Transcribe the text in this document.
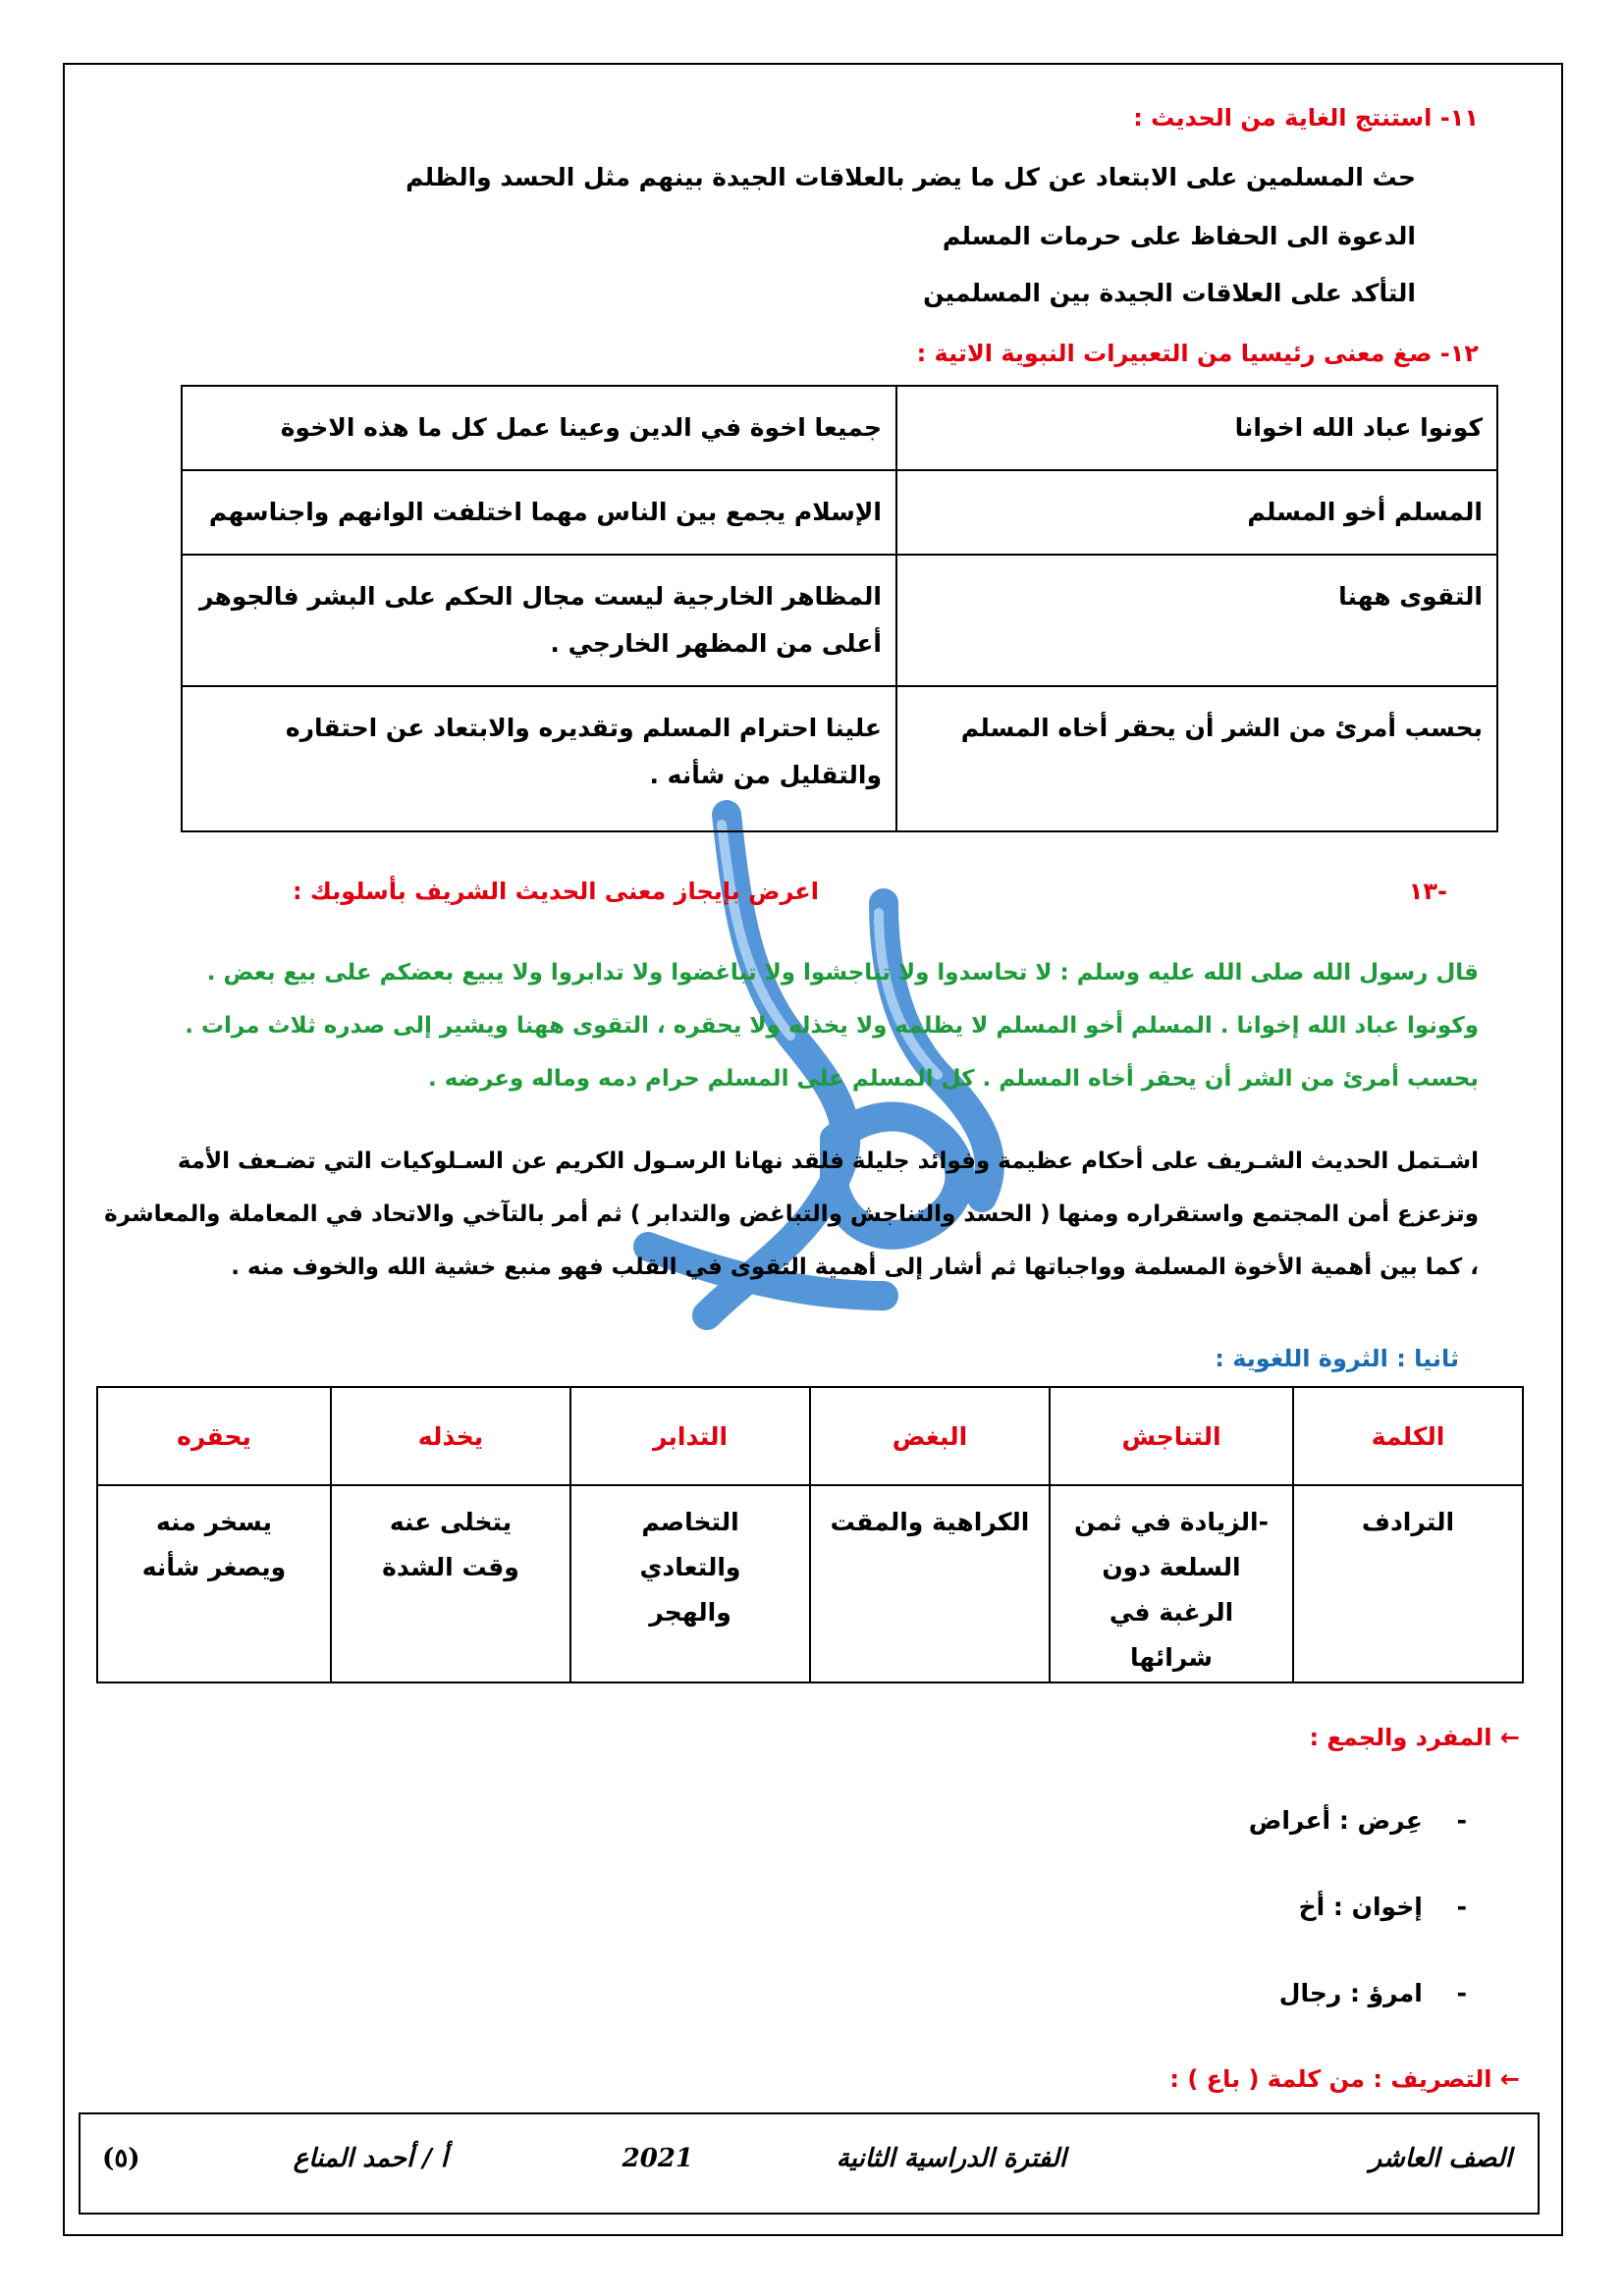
١١- استنتج الغاية من الحديث :
حث المسلمين على الابتعاد عن كل ما يضر بالعلاقات الجيدة بينهم مثل الحسد والظلم
الدعوة الى الحفاظ على حرمات المسلم
التأكد على العلاقات الجيدة بين المسلمين
١٢- صغ معنى رئيسيا من التعبيرات النبوية الاتية :
كونوا عباد الله اخوانا	جميعا اخوة في الدين وعينا عمل كل ما هذه الاخوة
المسلم أخو المسلم	الإسلام يجمع بين الناس مهما اختلفت الوانهم واجناسهم
التقوى ههنا	المظاهر الخارجية ليست مجال الحكم على البشر فالجوهر أعلى من المظهر الخارجي .
بحسب أمرئ من الشر أن يحقر أخاه المسلم	علينا احترام المسلم وتقديره والابتعاد عن احتقاره والتقليل من شأنه .
-١٣
اعرض بإيجاز معنى الحديث الشريف بأسلوبك :
قال رسول الله صلى الله عليه وسلم : لا تحاسدوا ولا تناجشوا ولا تباغضوا ولا تدابروا ولا يبيع بعضكم على بيع بعض .
وكونوا عباد الله إخوانا . المسلم أخو المسلم لا يظلمه ولا يخذله ولا يحقره ، التقوى ههنا ويشير إلى صدره ثلاث مرات .
بحسب أمرئ من الشر أن يحقر أخاه المسلم . كل المسلم على المسلم حرام دمه وماله وعرضه .
اشـتمل الحديث الشـريف على أحكام عظيمة وفوائد جليلة فلقد نهانا الرسـول الكريم عن السـلوكيات التي تضـعف الأمة
وتزعزع أمن المجتمع واستقراره ومنها ( الحسد والتناجش والتباغض والتدابر ) ثم أمر بالتآخي والاتحاد في المعاملة والمعاشرة
، كما بين أهمية الأخوة المسلمة وواجباتها ثم أشار إلى أهمية التقوى في القلب فهو منبع خشية الله والخوف منه .
ثانيا : الثروة اللغوية :
الكلمة	التناجش	البغض	التدابر	يخذله	يحقره
الترادف	-الزيادة في ثمن السلعة دون الرغبة في شرائها	الكراهية والمقت	التخاصم والتعادي والهجر	يتخلى عنه وقت الشدة	يسخر منه ويصغر شأنه
← المفرد والجمع :
-    عِرض : أعراض
-    إخوان : أخ
-    امرؤ : رجال
← التصريف : من كلمة ( باع ) :
الصف العاشر
الفترة الدراسية الثانية
2021
أ / أحمد المناع
(٥)
